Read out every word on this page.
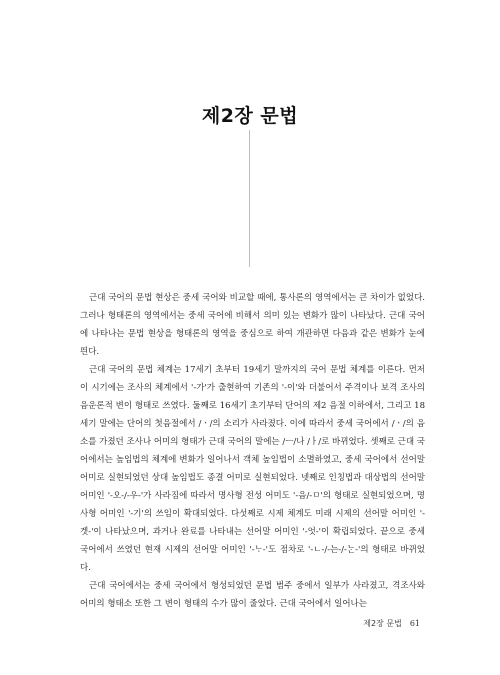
제2장 문법

근대 국어의 문법 현상은 중세 국어와 비교할 때에, 통사론의 영역에서는 큰 차이가 없었다. 그러나 형태론의 영역에서는 중세 국어에 비해서 의미 있는 변화가 많이 나타났다. 근대 국어에 나타나는 문법 현상을 형태론의 영역을 중심으로 하여 개관하면 다음과 같은 변화가 눈에 띈다.

근대 국어의 문법 체계는 17세기 초부터 19세기 말까지의 국어 문법 체계를 이른다. 먼저 이 시기에는 조사의 체계에서 '-가'가 출현하여 기존의 '-이'와 더불어서 주격이나 보격 조사의 음운론적 변이 형태로 쓰였다. 둘째로 16세기 초기부터 단어의 제2 음절 이하에서, 그리고 18세기 말에는 단어의 첫음절에서 /ㆍ/의 소리가 사라졌다. 이에 따라서 중세 국어에서 /ㆍ/의 음소를 가졌던 조사나 어미의 형태가 근대 국어의 말에는 /ㅡ/나 /ㅏ/로 바뀌었다. 셋째로 근대 국어에서는 높임법의 체계에 변화가 일어나서 객체 높임법이 소멸하였고, 중세 국어에서 선어말 어미로 실현되었던 상대 높임법도 종결 어미로 실현되었다. 넷째로 인칭법과 대상법의 선어말 어미인 '-오-/-우-'가 사라짐에 따라서 명사형 전성 어미도 '-음/-ㅁ'의 형태로 실현되었으며, 명사형 어미인 '-기'의 쓰임이 확대되었다. 다섯째로 시제 체계도 미래 시제의 선어말 어미인 '-겟-'이 나타났으며, 과거나 완료를 나타내는 선어말 어미인 '-엇-'이 확립되었다. 끝으로 중세 국어에서 쓰였던 현재 시제의 선어말 어미인 '-ᄂᆞ-'도 점차로 '-ㄴ-/-는-/-ᄂᆞᆫ-'의 형태로 바뀌었다.

근대 국어에서는 중세 국어에서 형성되었던 문법 범주 중에서 일부가 사라졌고, 격조사와 어미의 형태소 또한 그 변이 형태의 수가 많이 줄었다. 근대 국어에서 일어나는

제2장 문법 61
